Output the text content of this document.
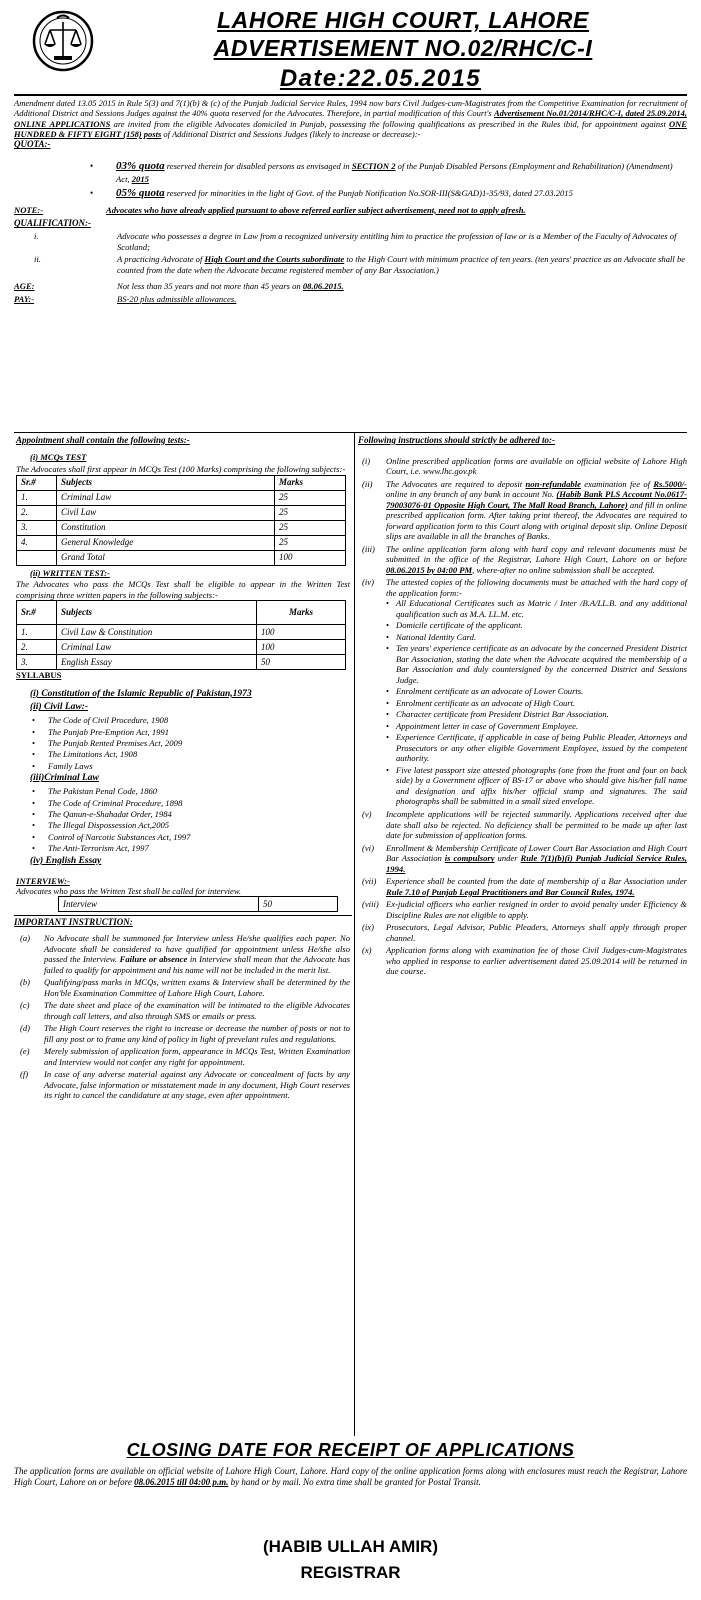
LAHORE HIGH COURT, LAHORE
ADVERTISEMENT NO.02/RHC/C-I
Date:22.05.2015
Amendment dated 13.05 2015 in Rule 5(3) and 7(1)(b) & (c) of the Punjab Judicial Service Rules, 1994 now bars Civil Judges-cum-Magistrates from the Competitive Examination for recruitment of Additional District and Sessions Judges against the 40% quota reserved for the Advocates. Therefore, in partial modification of this Court's Advertisement No.01/2014/RHC/C-I, dated 25.09.2014, ONLINE APPLICATIONS are invited from the eligible Advocates domiciled in Punjab, possessing the following qualifications as prescribed in the Rules ibid, for appointment against ONE HUNDRED & FIFTY EIGHT (158) posts of Additional District and Sessions Judges (likely to increase or decrease):-
QUOTA:-
• 03% quota reserved therein for disabled persons as envisaged in SECTION 2 of the Punjab Disabled Persons (Employment and Rehabilitation) (Amendment) Act, 2015
• 05% quota reserved for minorities in the light of Govt. of the Punjab Notification No.SOR-III(S&GAD)1-35/93, dated 27.03.2015
NOTE:-	Advocates who have already applied pursuant to above referred earlier subject advertisement, need not to apply afresh.
QUALIFICATION:-
i.	Advocate who possesses a degree in Law from a recognized university entitling him to practice the profession of law or is a Member of the Faculty of Advocates of Scotland;
ii.	A practicing Advocate of High Court and the Courts subordinate to the High Court with minimum practice of ten years. (ten years' practice as an Advocate shall be counted from the date when the Advocate became registered member of any Bar Association.)
AGE:	Not less than 35 years and not more than 45 years on 08.06.2015.
PAY:-	BS-20 plus admissible allowances.
Appointment shall contain the following tests:-
(i) MCQs TEST
The Advocates shall first appear in MCQs Test (100 Marks) comprising the following subjects:-
Sr.#	Subjects	Marks
1.	Criminal Law	25
2.	Civil Law	25
3.	Constitution	25
4.	General Knowledge	25
	Grand Total	100
(ii) WRITTEN TEST:-
The Advocates who pass the MCQs Test shall be eligible to appear in the Written Test comprising three written papers in the following subjects:-
Sr.#	Subjects	Marks
1.	Civil Law & Constitution	100
2.	Criminal Law	100
3.	English Essay	50
SYLLABUS
(i) Constitution of the Islamic Republic of Pakistan,1973
(ii) Civil Law:-
• The Code of Civil Procedure, 1908
• The Punjab Pre-Emption Act, 1991
• The Punjab Rented Premises Act, 2009
• The Limitations Act, 1908
• Family Laws
(iii)Criminal Law
• The Pakistan Penal Code, 1860
• The Code of Criminal Procedure, 1898
• The Qanun-e-Shahadat Order, 1984
• The Illegal Dispossession Act,2005
• Control of Narcotic Substances Act, 1997
• The Anti-Terrorism Act, 1997
(iv) English Essay
INTERVIEW:-
Advocates who pass the Written Test shall be called for interview.
Interview	50
IMPORTANT INSTRUCTION:
(a)	No Advocate shall be summoned for Interview unless He/she qualifies each paper. No Advocate shall be considered to have qualified for appointment unless He/she also passed the Interview. Failure or absence in Interview shall mean that the Advocate has failed to qualify for appointment and his name will not be included in the merit list.
(b)	Qualifying/pass marks in MCQs, written exams & Interview shall be determined by the Hon'ble Examination Committee of Lahore High Court, Lahore.
(c)	The date sheet and place of the examination will be intimated to the eligible Advocates through call letters, and also through SMS or emails or press.
(d)	The High Court reserves the right to increase or decrease the number of posts or not to fill any post or to frame any kind of policy in light of prevelant rules and regulations.
(e)	Merely submission of application form, appearance in MCQs Test, Written Examination and Interview would not confer any right for appointment.
(f)	In case of any adverse material against any Advocate or concealment of facts by any Advocate, false information or misstatement made in any document, High Court reserves its right to cancel the candidature at any stage, even after appointment.
Following instructions should strictly be adhered to:-
(i)	Online prescribed application forms are available on official website of Lahore High Court, i.e. www.lhc.gov.pk
(ii)	The Advocates are required to deposit non-refundable examination fee of Rs.5000/- online in any branch of any bank in account No. (Habib Bank PLS Account No.0617-79003076-01 Opposite High Court, The Mall Road Branch, Lahore) and fill in online prescribed application form. After taking print thereof, the Advocates are required to forward application form to this Court along with original deposit slip. Online Deposit slips are available in all the branches of Banks.
(iii)	The online application form along with hard copy and relevant documents must be submitted in the office of the Registrar, Lahore High Court, Lahore on or before 08.06.2015 by 04:00 PM, where-after no online submission shall be accepted.
(iv)	The attested copies of the following documents must be attached with the hard copy of the application form:-
• All Educational Certificates such as Matric / Inter /B.A/LL.B. and any additional qualification such as M.A. LL.M. etc.
• Domicile certificate of the applicant.
• National Identity Card.
• Ten years' experience certificate as an advocate by the concerned President District Bar Association, stating the date when the Advocate acquired the membership of a Bar Association and duly countersigned by the concerned District and Sessions Judge.
• Enrolment certificate as an advocate of Lower Courts.
• Enrolment certificate as an advocate of High Court.
• Character certificate from President District Bar Association.
• Appointment letter in case of Government Employee.
• Experience Certificate, if applicable in case of being Public Pleader, Attorneys and Prosecutors or any other eligible Government Employee, issued by the competent authority.
• Five latest passport size attested photographs (one from the front and four on back side) by a Government officer of BS-17 or above who should give his/her full name and designation and affix his/her official stamp and signatures. The said photographs shall be submitted in a small sized envelope.
(v)	Incomplete applications will be rejected summarily. Applications received after due date shall also be rejected. No deficiency shall be permitted to be made up after last date for submission of application forms.
(vi)	Enrollment & Membership Certificate of Lower Court Bar Association and High Court Bar Association is compulsory under Rule 7(1)(b)(i) Punjab Judicial Service Rules, 1994.
(vii)	Experience shall be counted from the date of membership of a Bar Association under Rule 7.10 of Punjab Legal Practitioners and Bar Council Rules, 1974.
(viii) Ex-judicial officers who earlier resigned in order to avoid penalty under Efficiency & Discipline Rules are not eligible to apply.
(ix)	Prosecutors, Legal Advisor, Public Pleaders, Attorneys shall apply through proper channel.
(x)	Application forms along with examination fee of those Civil Judges-cum-Magistrates who applied in response to earlier advertisement dated 25.09.2014 will be returned in due course.
CLOSING DATE FOR RECEIPT OF APPLICATIONS
The application forms are available on official website of Lahore High Court, Lahore. Hard copy of the online application forms along with enclosures must reach the Registrar, Lahore High Court, Lahore on or before 08.06.2015 till 04:00 p.m. by hand or by mail. No extra time shall be granted for Postal Transit.
(HABIB ULLAH AMIR)
REGISTRAR
